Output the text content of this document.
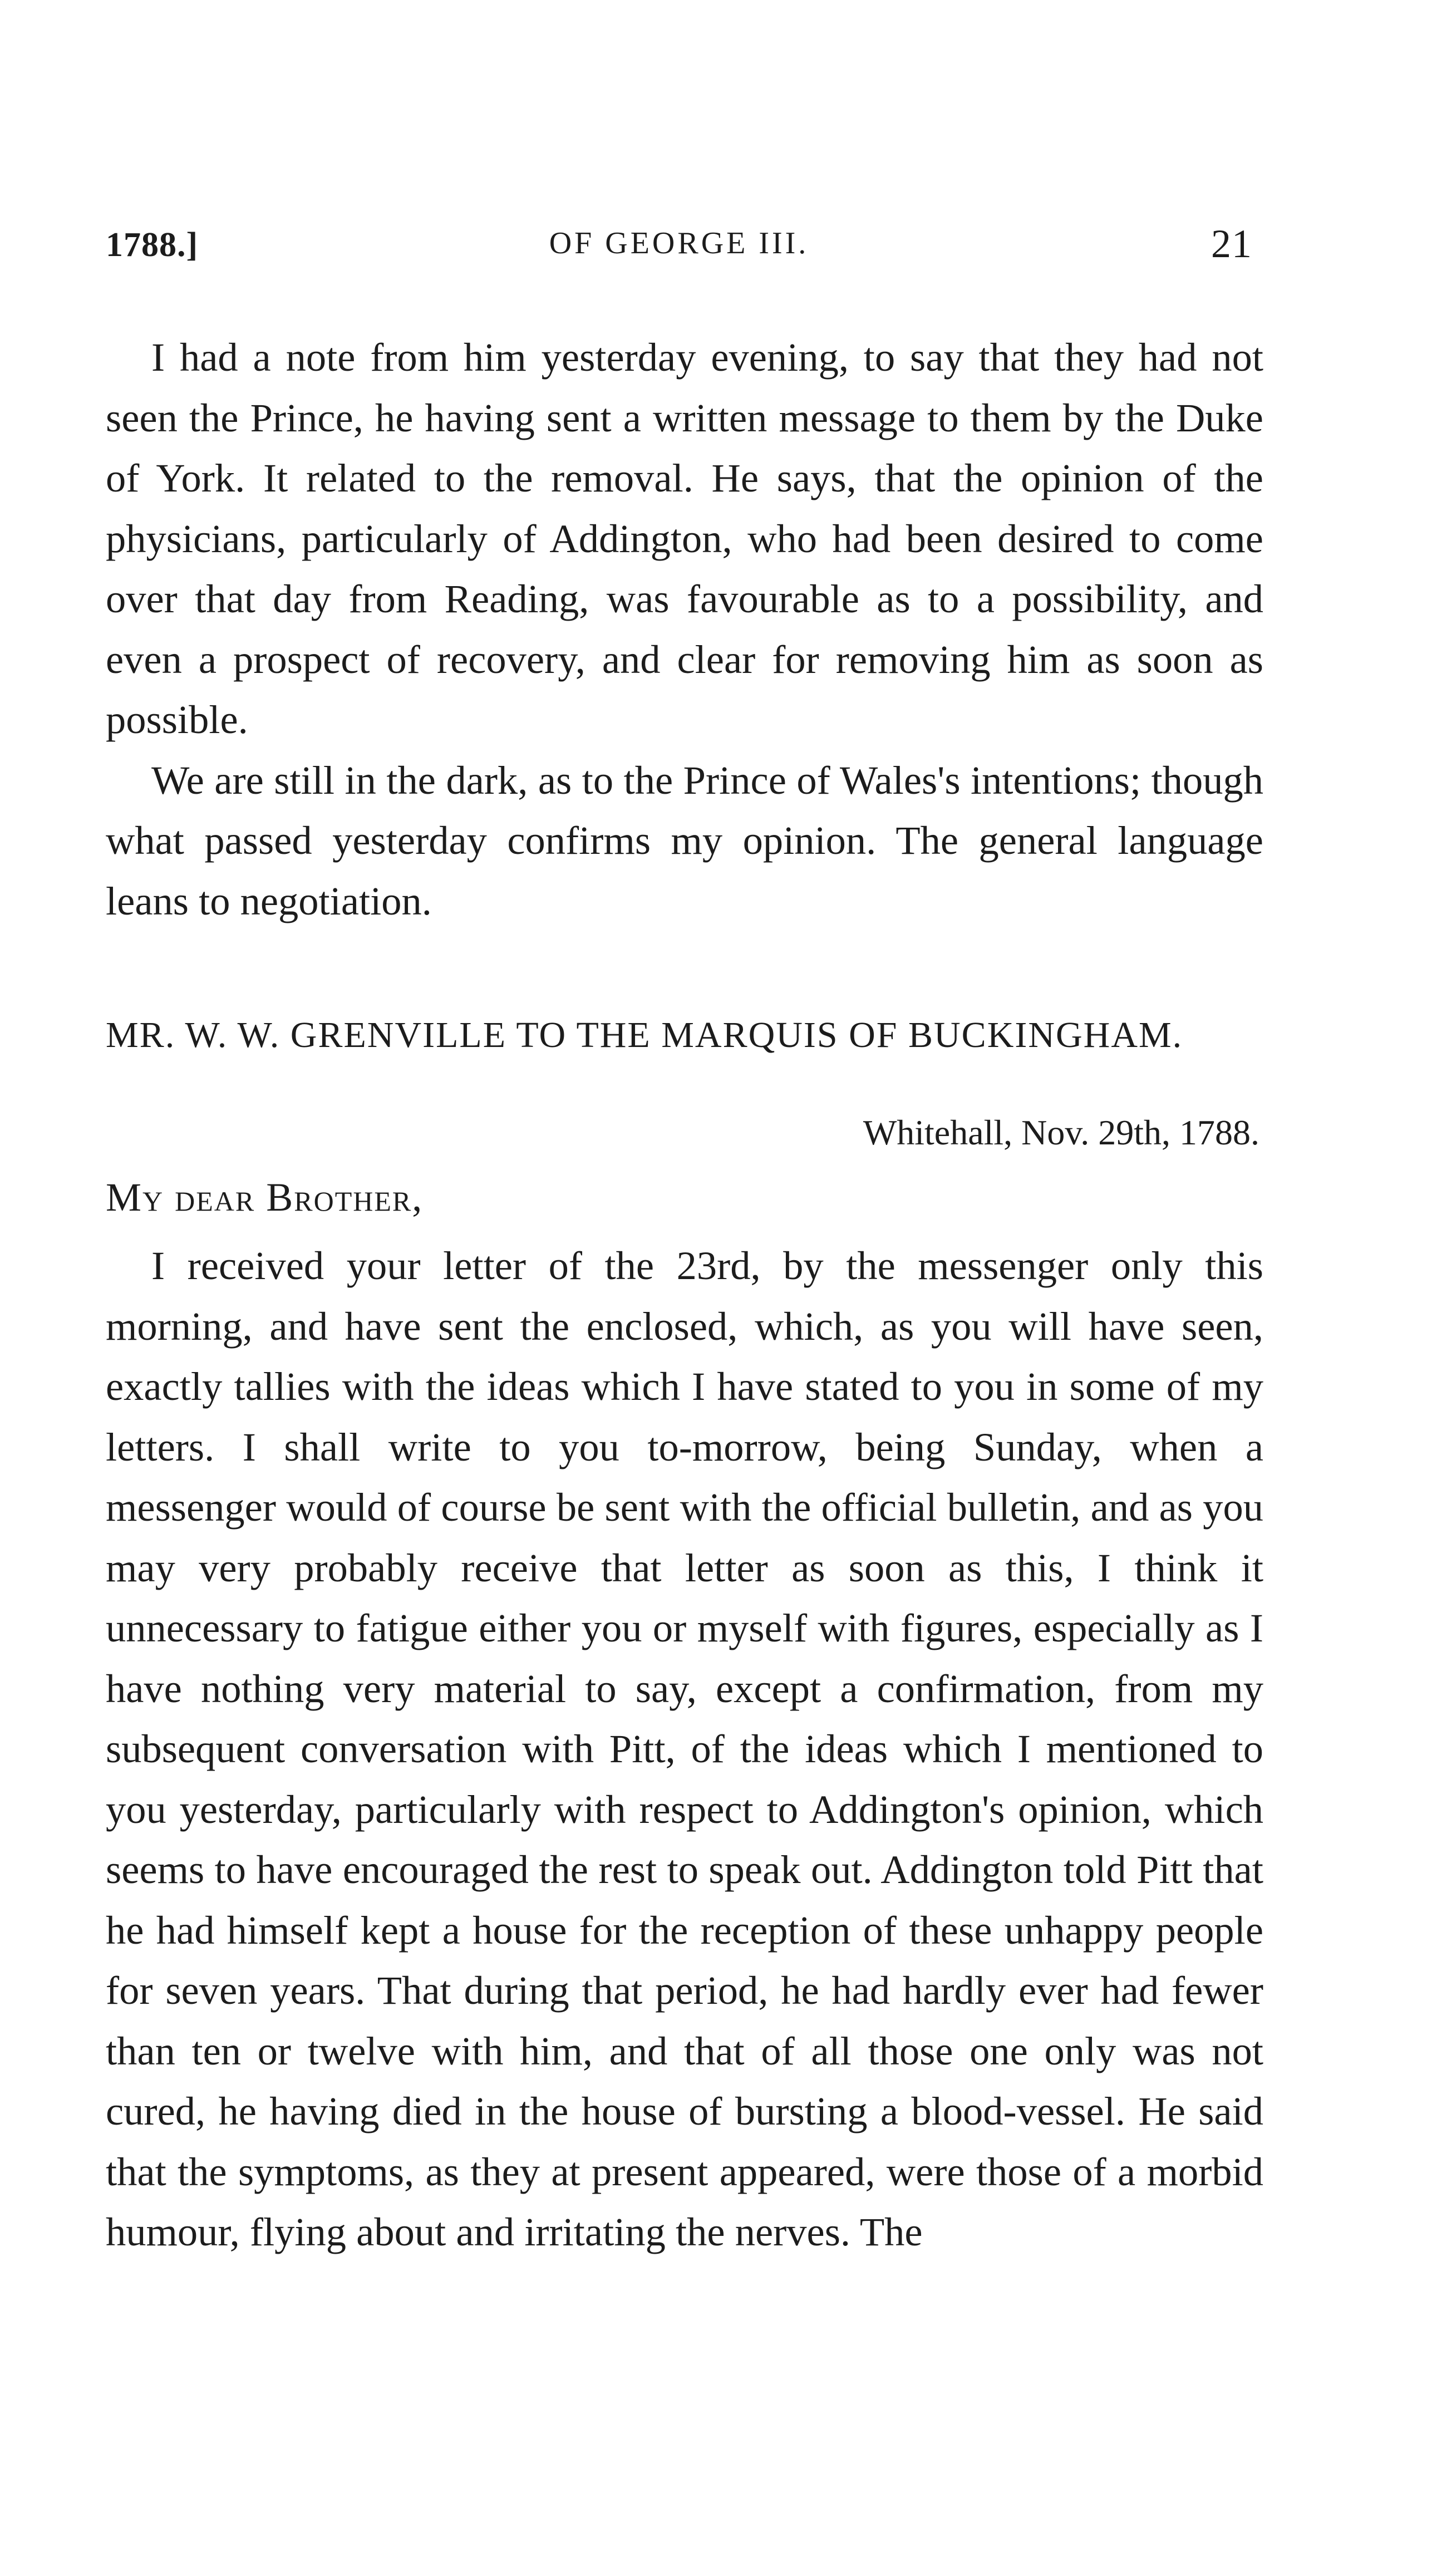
1788.]	OF GEORGE III.	21

I had a note from him yesterday evening, to say that they had not seen the Prince, he having sent a written message to them by the Duke of York. It related to the removal. He says, that the opinion of the physicians, particularly of Addington, who had been desired to come over that day from Reading, was favourable as to a possibility, and even a prospect of recovery, and clear for removing him as soon as possible.

We are still in the dark, as to the Prince of Wales's intentions; though what passed yesterday confirms my opinion. The general language leans to negotiation.

MR. W. W. GRENVILLE TO THE MARQUIS OF BUCKINGHAM.
Whitehall, Nov. 29th, 1788.
My dear Brother,

I received your letter of the 23rd, by the messenger only this morning, and have sent the enclosed, which, as you will have seen, exactly tallies with the ideas which I have stated to you in some of my letters. I shall write to you to-morrow, being Sunday, when a messenger would of course be sent with the official bulletin, and as you may very probably receive that letter as soon as this, I think it unnecessary to fatigue either you or myself with figures, especially as I have nothing very material to say, except a confirmation, from my subsequent conversation with Pitt, of the ideas which I mentioned to you yesterday, particularly with respect to Addington's opinion, which seems to have encouraged the rest to speak out. Addington told Pitt that he had himself kept a house for the reception of these unhappy people for seven years. That during that period, he had hardly ever had fewer than ten or twelve with him, and that of all those one only was not cured, he having died in the house of bursting a blood-vessel. He said that the symptoms, as they at present appeared, were those of a morbid humour, flying about and irritating the nerves. The
